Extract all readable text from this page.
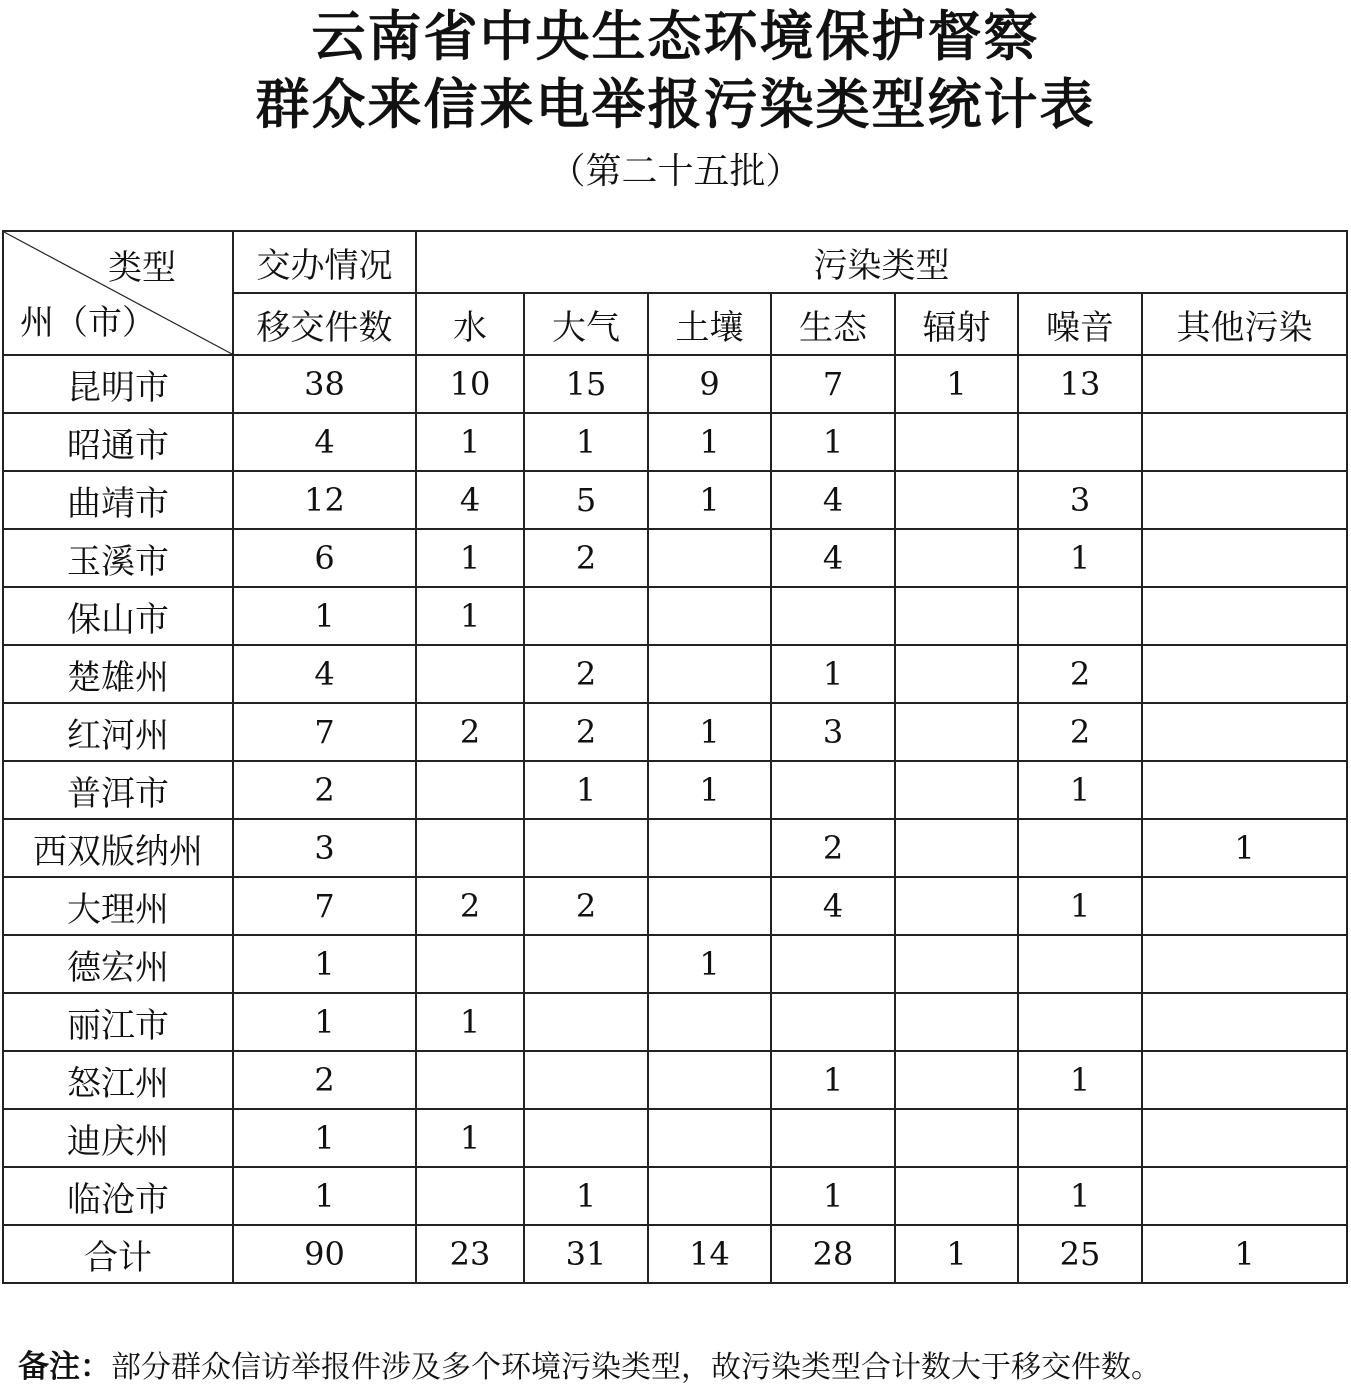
云南省中央生态环境保护督察
群众来信来电举报污染类型统计表
（第二十五批）
类型
州（市）	交办情况	污染类型						
	移交件数	水	大气	土壤	生态	辐射	噪音	其他污染
昆明市	38	10	15	9	7	1	13	
昭通市	4	1	1	1	1			
曲靖市	12	4	5	1	4		3	
玉溪市	6	1	2		4		1	
保山市	1	1						
楚雄州	4		2		1		2	
红河州	7	2	2	1	3		2	
普洱市	2		1	1			1	
西双版纳州	3				2			1
大理州	7	2	2		4		1	
德宏州	1			1				
丽江市	1	1						
怒江州	2				1		1	
迪庆州	1	1						
临沧市	1		1		1		1	
合计	90	23	31	14	28	1	25	1
备注：部分群众信访举报件涉及多个环境污染类型，故污染类型合计数大于移交件数。
